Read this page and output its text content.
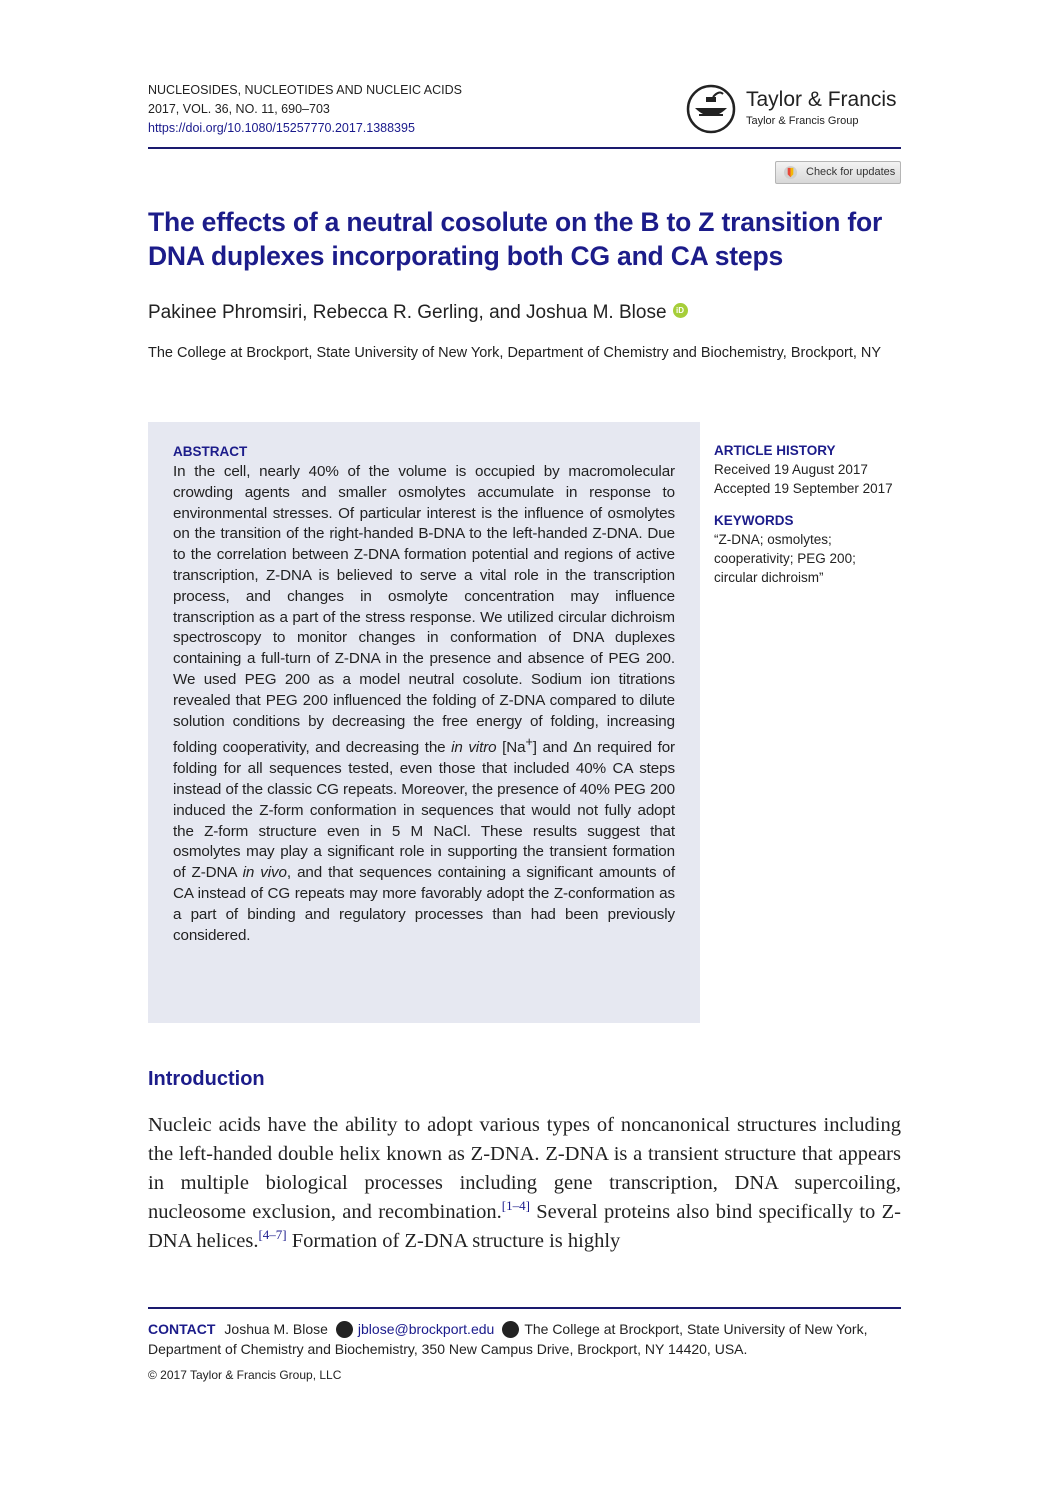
NUCLEOSIDES, NUCLEOTIDES AND NUCLEIC ACIDS
2017, VOL. 36, NO. 11, 690–703
https://doi.org/10.1080/15257770.2017.1388395
Taylor & Francis
Taylor & Francis Group
Check for updates
The effects of a neutral cosolute on the B to Z transition for DNA duplexes incorporating both CG and CA steps
Pakinee Phromsiri, Rebecca R. Gerling, and Joshua M. Blose iD
The College at Brockport, State University of New York, Department of Chemistry and Biochemistry, Brockport, NY
ABSTRACT
In the cell, nearly 40% of the volume is occupied by macromolecular crowding agents and smaller osmolytes accumulate in response to environmental stresses. Of particular interest is the influence of osmolytes on the transition of the right-handed B-DNA to the left-handed Z-DNA. Due to the correlation between Z-DNA formation potential and regions of active transcription, Z-DNA is believed to serve a vital role in the transcription process, and changes in osmolyte concentration may influence transcription as a part of the stress response. We utilized circular dichroism spectroscopy to monitor changes in conformation of DNA duplexes containing a full-turn of Z-DNA in the presence and absence of PEG 200. We used PEG 200 as a model neutral cosolute. Sodium ion titrations revealed that PEG 200 influenced the folding of Z-DNA compared to dilute solution conditions by decreasing the free energy of folding, increasing folding cooperativity, and decreasing the in vitro [Na+] and Δn required for folding for all sequences tested, even those that included 40% CA steps instead of the classic CG repeats. Moreover, the presence of 40% PEG 200 induced the Z-form conformation in sequences that would not fully adopt the Z-form structure even in 5 M NaCl. These results suggest that osmolytes may play a significant role in supporting the transient formation of Z-DNA in vivo, and that sequences containing a significant amounts of CA instead of CG repeats may more favorably adopt the Z-conformation as a part of binding and regulatory processes than had been previously considered.

ARTICLE HISTORY

Received 19 August 2017

Accepted 19 September 2017

KEYWORDS

“Z-DNA; osmolytes;

cooperativity; PEG 200;

circular dichroism”

Introduction
Nucleic acids have the ability to adopt various types of noncanonical structures including the left-handed double helix known as Z-DNA. Z-DNA is a transient structure that appears in multiple biological processes including gene transcription, DNA supercoiling, nucleosome exclusion, and recombination.[1–4] Several proteins also bind specifically to Z-DNA helices.[4–7] Formation of Z-DNA structure is highly
CONTACT Joshua M. Blose jblose@brockport.edu The College at Brockport, State University of New York, Department of Chemistry and Biochemistry, 350 New Campus Drive, Brockport, NY 14420, USA.
© 2017 Taylor & Francis Group, LLC
